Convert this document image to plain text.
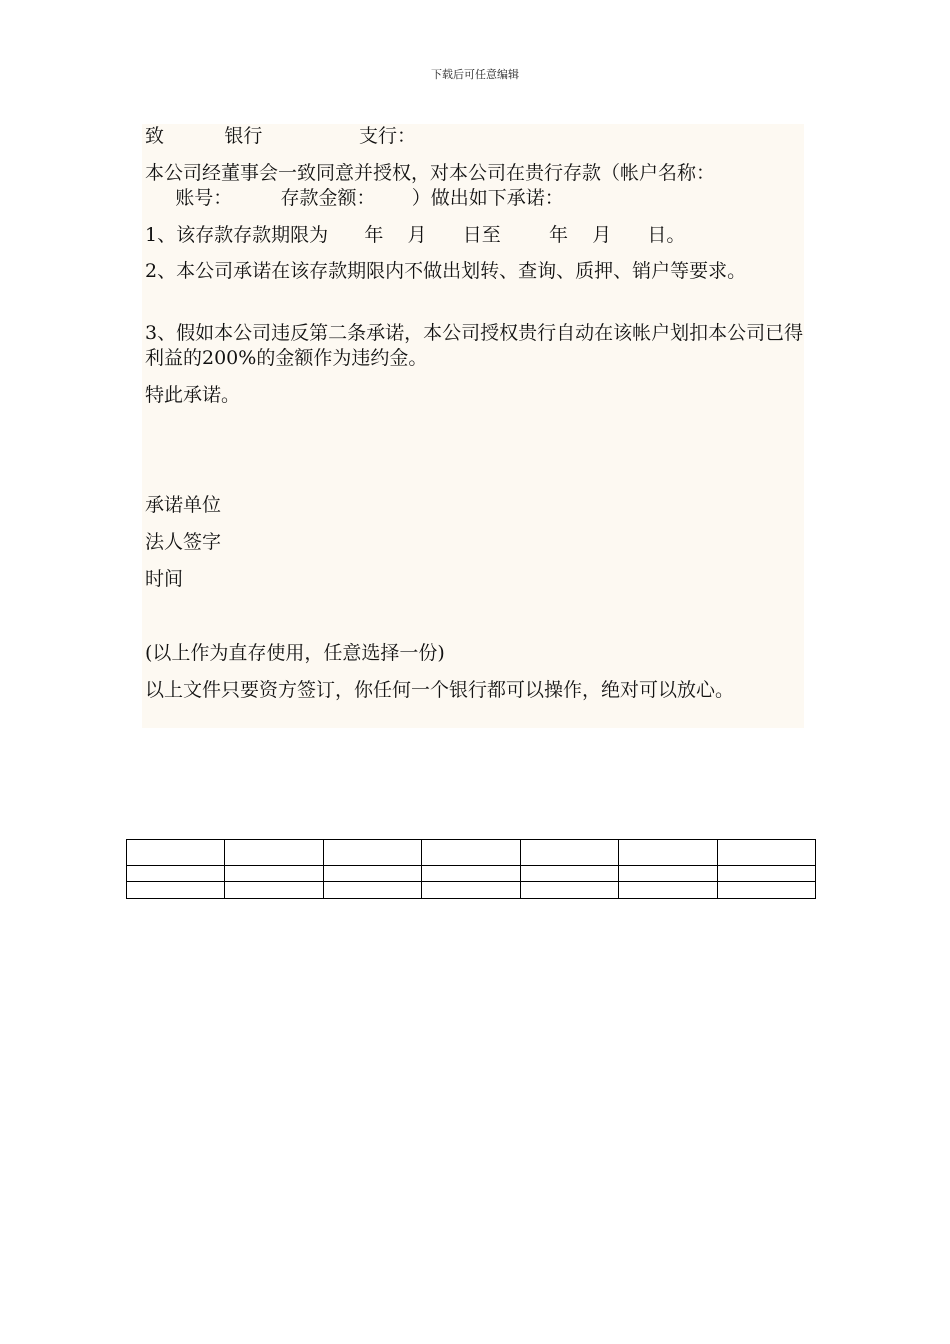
下载后可任意编辑
致          银行                支行：
本公司经董事会一致同意并授权，对本公司在贵行存款（帐户名称：
账号：        存款金额：      ）做出如下承诺：
1、该存款存款期限为      年    月      日至        年    月      日。
2、本公司承诺在该存款期限内不做出划转、查询、质押、销户等要求。
3、假如本公司违反第二条承诺，本公司授权贵行自动在该帐户划扣本公司已得利益的200%的金额作为违约金。
特此承诺。
承诺单位
法人签字
时间
(以上作为直存使用，任意选择一份)
以上文件只要资方签订，你任何一个银行都可以操作，绝对可以放心。
